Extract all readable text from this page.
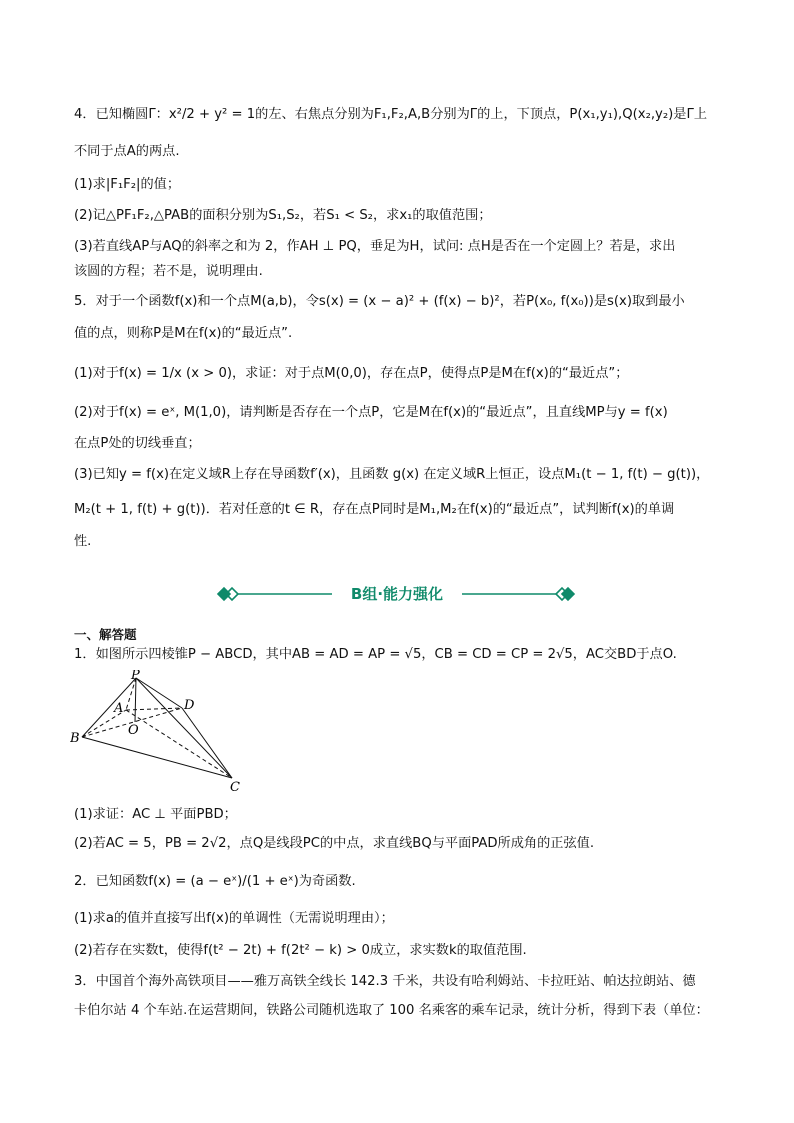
4．已知椭圆Γ：x²/2 + y² = 1的左、右焦点分别为F₁,F₂,A,B分别为Γ的上，下顶点，P(x₁,y₁),Q(x₂,y₂)是Γ上
不同于点A的两点.
(1)求|F₁F₂|的值；
(2)记△PF₁F₂,△PAB的面积分别为S₁,S₂，若S₁ < S₂，求x₁的取值范围；
(3)若直线AP与AQ的斜率之和为 2，作AH ⊥ PQ，垂足为H，试问: 点H是否在一个定圆上？若是，求出
该圆的方程；若不是，说明理由.
5．对于一个函数f(x)和一个点M(a,b)，令s(x) = (x − a)² + (f(x) − b)²，若P(x₀, f(x₀))是s(x)取到最小
值的点，则称P是M在f(x)的“最近点”.
(1)对于f(x) = 1/x (x > 0)，求证：对于点M(0,0)，存在点P，使得点P是M在f(x)的“最近点”；
(2)对于f(x) = eˣ, M(1,0)，请判断是否存在一个点P，它是M在f(x)的“最近点”，且直线MP与y = f(x)
在点P处的切线垂直；
(3)已知y = f(x)在定义域R上存在导函数f′(x)，且函数 g(x) 在定义域R上恒正，设点M₁(t − 1, f(t) − g(t))，
M₂(t + 1, f(t) + g(t))．若对任意的t ∈ R，存在点P同时是M₁,M₂在f(x)的“最近点”，试判断f(x)的单调
性.
B组·能力强化
一、解答题
1．如图所示四棱锥P − ABCD，其中AB = AD = AP = √5，CB = CD = CP = 2√5，AC交BD于点O.
P
A	D
O
B
C
(1)求证：AC ⊥ 平面PBD；
(2)若AC = 5，PB = 2√2，点Q是线段PC的中点，求直线BQ与平面PAD所成角的正弦值.
2．已知函数f(x) = (a − eˣ)/(1 + eˣ)为奇函数.
(1)求a的值并直接写出f(x)的单调性（无需说明理由）；
(2)若存在实数t，使得f(t² − 2t) + f(2t² − k) > 0成立，求实数k的取值范围.
3．中国首个海外高铁项目——雅万高铁全线长 142.3 千米，共设有哈利姆站、卡拉旺站、帕达拉朗站、德
卡伯尔站 4 个车站.在运营期间，铁路公司随机选取了 100 名乘客的乘车记录，统计分析，得到下表（单位：
